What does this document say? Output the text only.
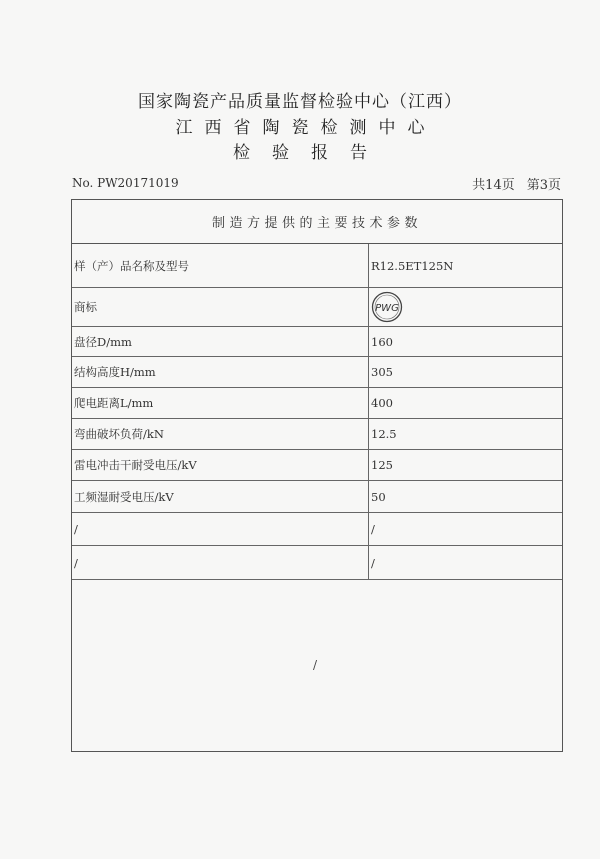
国家陶瓷产品质量监督检验中心（江西）
江西省陶瓷检测中心
检验报告
No. PW20171019	共14页 第3页
制造方提供的主要技术参数
样（产）品名称及型号	R12.5ET125N
商标	PWG
盘径D/mm	160
结构高度H/mm	305
爬电距离L/mm	400
弯曲破坏负荷/kN	12.5
雷电冲击干耐受电压/kV	125
工频湿耐受电压/kV	50
/	/
/	/
/
